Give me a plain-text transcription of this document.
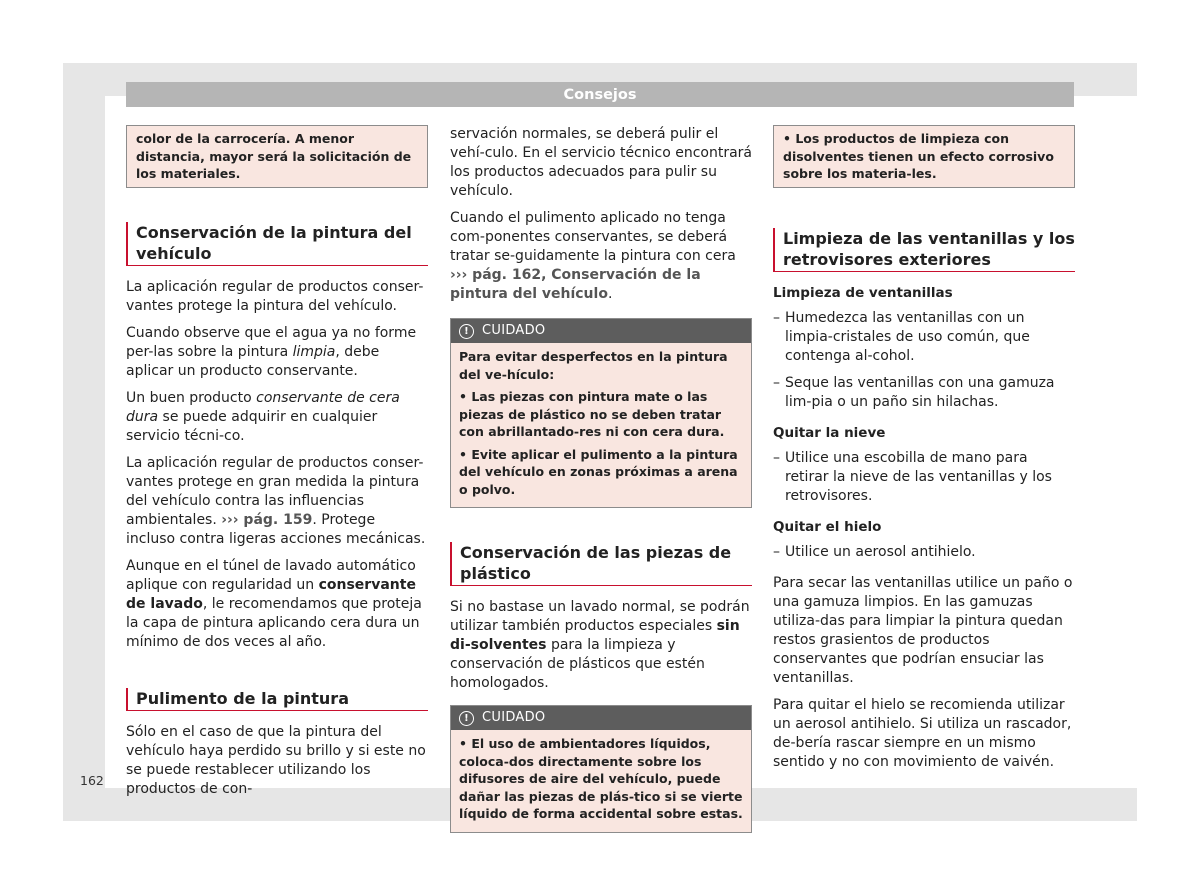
Consejos
color de la carrocería. A menor distancia, mayor será la solicitación de los materiales.
Conservación de la pintura del
vehículo

La aplicación regular de productos conser-vantes protege la pintura del vehículo.

Cuando observe que el agua ya no forme per-las sobre la pintura limpia, debe aplicar un producto conservante.

Un buen producto conservante de cera dura se puede adquirir en cualquier servicio técni-co.

La aplicación regular de productos conser-vantes protege en gran medida la pintura del vehículo contra las influencias ambientales. ››› pág. 159. Protege incluso contra ligeras acciones mecánicas.

Aunque en el túnel de lavado automático aplique con regularidad un conservante de lavado, le recomendamos que proteja la capa de pintura aplicando cera dura un mínimo de dos veces al año.

Pulimento de la pintura

Sólo en el caso de que la pintura del vehículo haya perdido su brillo y si este no se puede restablecer utilizando los productos de con-

servación normales, se deberá pulir el vehí-culo. En el servicio técnico encontrará los productos adecuados para pulir su vehículo.

Cuando el pulimento aplicado no tenga com-ponentes conservantes, se deberá tratar se-guidamente la pintura con cera ››› pág. 162, Conservación de la pintura del vehículo.

!	CUIDADO

Para evitar desperfectos en la pintura del ve-hículo:

• Las piezas con pintura mate o las piezas de plástico no se deben tratar con abrillantado-res ni con cera dura.

• Evite aplicar el pulimento a la pintura del vehículo en zonas próximas a arena o polvo.

Conservación de las piezas de
plástico

Si no bastase un lavado normal, se podrán utilizar también productos especiales sin di-solventes para la limpieza y conservación de plásticos que estén homologados.

!	CUIDADO

• El uso de ambientadores líquidos, coloca-dos directamente sobre los difusores de aire del vehículo, puede dañar las piezas de plás-tico si se vierte líquido de forma accidental sobre estas.

• Los productos de limpieza con disolventes tienen un efecto corrosivo sobre los materia-les.
Limpieza de las ventanillas y los
retrovisores exteriores
Limpieza de ventanillas
– Humedezca las ventanillas con un limpia-cristales de uso común, que contenga al-cohol.
– Seque las ventanillas con una gamuza lim-pia o un paño sin hilachas.
Quitar la nieve
– Utilice una escobilla de mano para retirar la nieve de las ventanillas y los retrovisores.
Quitar el hielo
– Utilice un aerosol antihielo.

Para secar las ventanillas utilice un paño o una gamuza limpios. En las gamuzas utiliza-das para limpiar la pintura quedan restos grasientos de productos conservantes que podrían ensuciar las ventanillas.

Para quitar el hielo se recomienda utilizar un aerosol antihielo. Si utiliza un rascador, de-bería rascar siempre en un mismo sentido y no con movimiento de vaivén.

162
